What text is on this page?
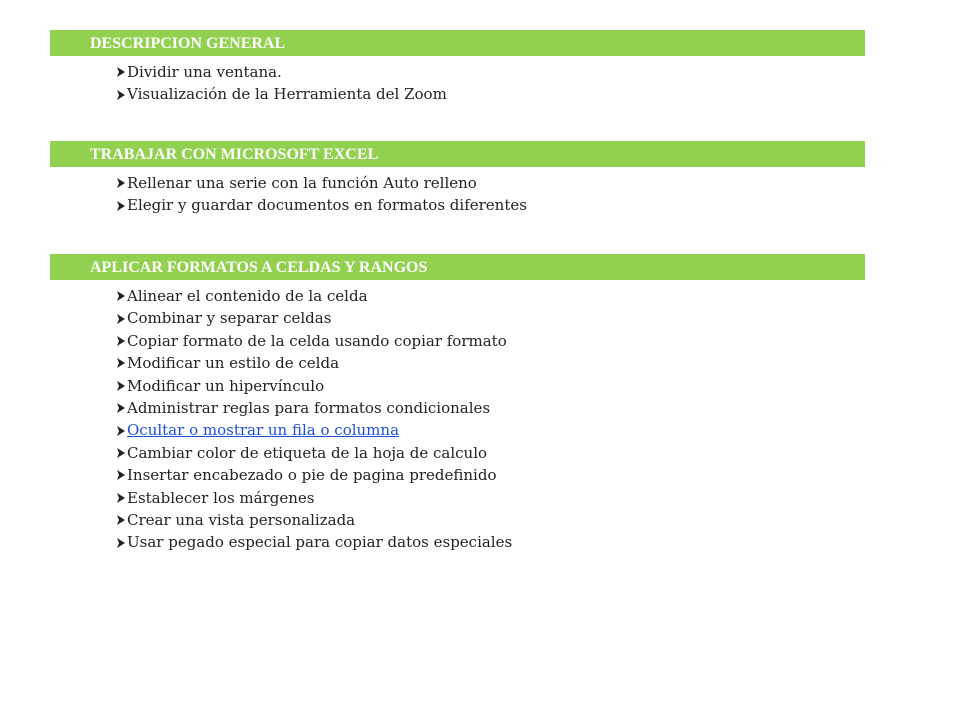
DESCRIPCION GENERAL
Dividir una ventana.
Visualización de la Herramienta del Zoom
TRABAJAR CON MICROSOFT EXCEL
Rellenar una serie con la función Auto relleno
Elegir y guardar documentos en formatos diferentes
APLICAR FORMATOS A CELDAS Y RANGOS
Alinear el contenido de la celda
Combinar y separar celdas
Copiar formato de la celda usando copiar formato
Modificar un estilo de celda
Modificar un hipervínculo
Administrar reglas para formatos condicionales
Ocultar o mostrar un fila o columna
Cambiar color de etiqueta de la hoja de calculo
Insertar encabezado o pie de pagina predefinido
Establecer los márgenes
Crear una vista personalizada
Usar pegado especial para copiar datos especiales
